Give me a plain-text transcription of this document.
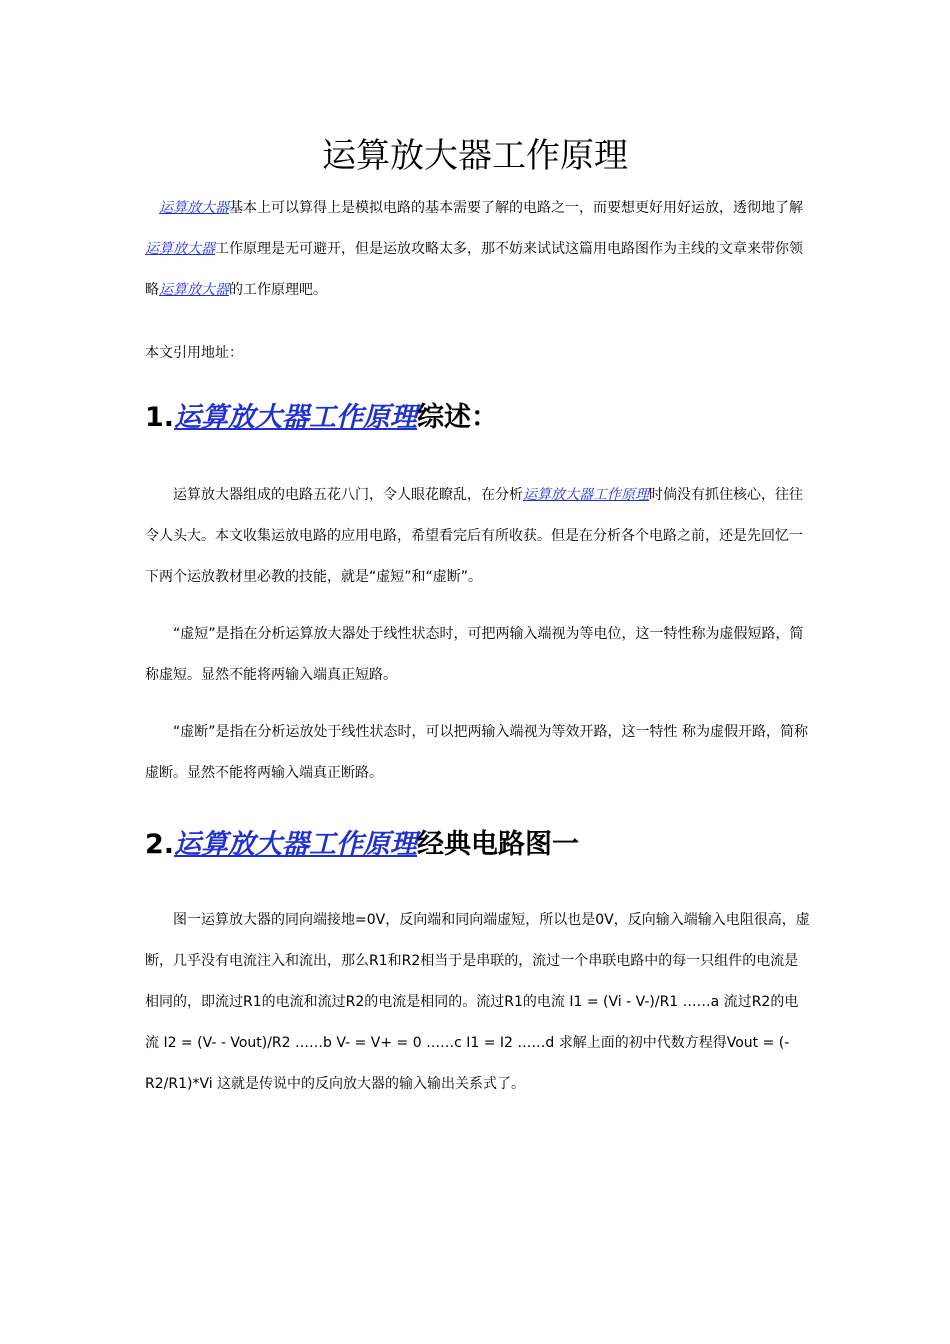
运算放大器工作原理

运算放大器基本上可以算得上是模拟电路的基本需要了解的电路之一，而要想更好用好运放，透彻地了解运算放大器工作原理是无可避开，但是运放攻略太多，那不妨来试试这篇用电路图作为主线的文章来带你领略运算放大器的工作原理吧。

本文引用地址：

1.运算放大器工作原理综述：

运算放大器组成的电路五花八门，令人眼花瞭乱，在分析运算放大器工作原理时倘没有抓住核心，往往令人头大。本文收集运放电路的应用电路，希望看完后有所收获。但是在分析各个电路之前，还是先回忆一下两个运放教材里必教的技能，就是“虚短”和“虚断”。

“虚短”是指在分析运算放大器处于线性状态时，可把两输入端视为等电位，这一特性称为虚假短路，简称虚短。显然不能将两输入端真正短路。

“虚断”是指在分析运放处于线性状态时，可以把两输入端视为等效开路，这一特性 称为虚假开路，简称虚断。显然不能将两输入端真正断路。

2.运算放大器工作原理经典电路图一

图一运算放大器的同向端接地=0V，反向端和同向端虚短，所以也是0V，反向输入端输入电阻很高，虚断，几乎没有电流注入和流出，那么R1和R2相当于是串联的，流过一个串联电路中的每一只组件的电流是相同的，即流过R1的电流和流过R2的电流是相同的。流过R1的电流 I1 = (Vi - V-)/R1 ……a 流过R2的电流 I2 = (V- - Vout)/R2 ……b V- = V+ = 0 ……c I1 = I2 ……d 求解上面的初中代数方程得Vout = (-R2/R1)*Vi 这就是传说中的反向放大器的输入输出关系式了。
